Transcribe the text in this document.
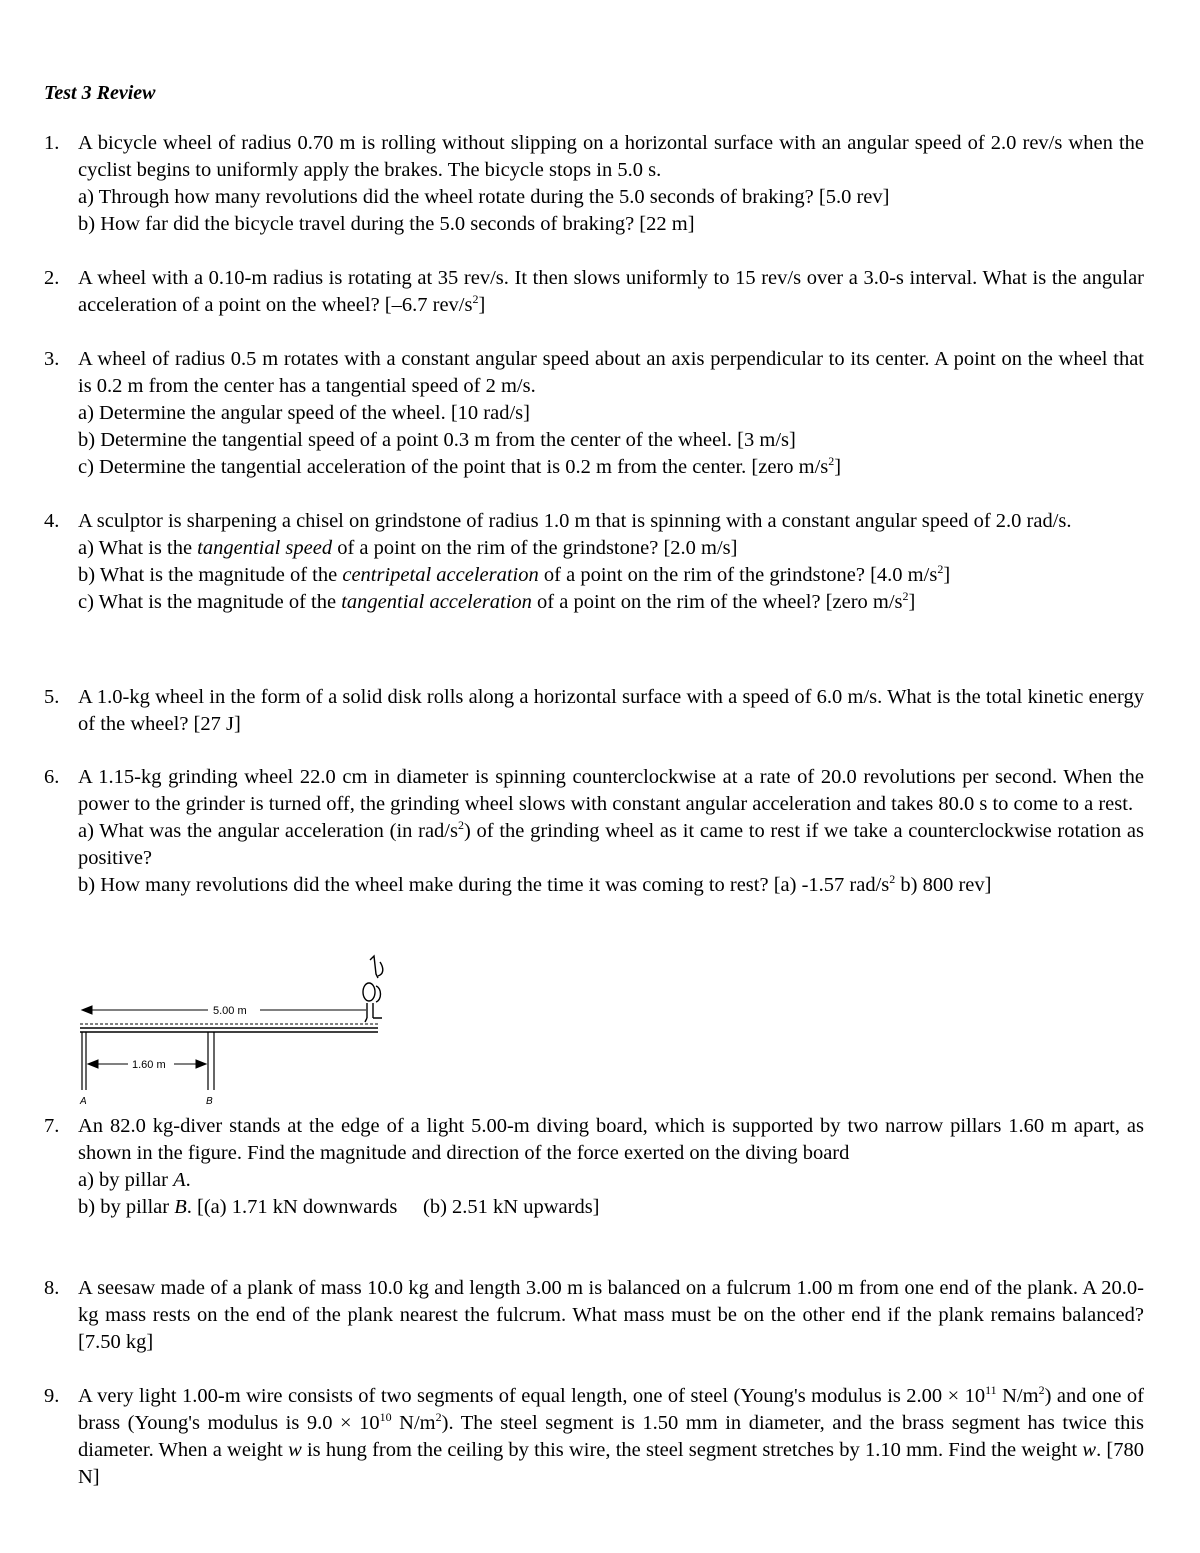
Test 3 Review
1. A bicycle wheel of radius 0.70 m is rolling without slipping on a horizontal surface with an angular speed of 2.0 rev/s when the cyclist begins to uniformly apply the brakes. The bicycle stops in 5.0 s.
a) Through how many revolutions did the wheel rotate during the 5.0 seconds of braking? [5.0 rev]
b) How far did the bicycle travel during the 5.0 seconds of braking? [22 m]
2. A wheel with a 0.10-m radius is rotating at 35 rev/s. It then slows uniformly to 15 rev/s over a 3.0-s interval. What is the angular acceleration of a point on the wheel? [–6.7 rev/$s^2$]
3. A wheel of radius 0.5 m rotates with a constant angular speed about an axis perpendicular to its center. A point on the wheel that is 0.2 m from the center has a tangential speed of 2 m/s.
a) Determine the angular speed of the wheel. [10 rad/s]
b) Determine the tangential speed of a point 0.3 m from the center of the wheel. [3 m/s]
c) Determine the tangential acceleration of the point that is 0.2 m from the center. [zero $m/s^2$]
4. A sculptor is sharpening a chisel on grindstone of radius 1.0 m that is spinning with a constant angular speed of 2.0 rad/s.
a) What is the tangential speed of a point on the rim of the grindstone? [2.0 m/s]
b) What is the magnitude of the centripetal acceleration of a point on the rim of the grindstone? [4.0 $m/s^2$]
c) What is the magnitude of the tangential acceleration of a point on the rim of the wheel? [zero $m/s^2$]
5. A 1.0-kg wheel in the form of a solid disk rolls along a horizontal surface with a speed of 6.0 m/s. What is the total kinetic energy of the wheel? [27 J]
6. A 1.15-kg grinding wheel 22.0 cm in diameter is spinning counterclockwise at a rate of 20.0 revolutions per second. When the power to the grinder is turned off, the grinding wheel slows with constant angular acceleration and takes 80.0 s to come to a rest.
a) What was the angular acceleration (in rad/$s^2$) of the grinding wheel as it came to rest if we take a counterclockwise rotation as positive?
b) How many revolutions did the wheel make during the time it was coming to rest? [a) -1.57 rad/$s^2$ b) 800 rev]
5.00 m
1.60 m
A	B
7. An 82.0 kg-diver stands at the edge of a light 5.00-m diving board, which is supported by two narrow pillars 1.60 m apart, as shown in the figure. Find the magnitude and direction of the force exerted on the diving board
a) by pillar A.
b) by pillar B. [(a) 1.71 kN downwards     (b) 2.51 kN upwards]
8. A seesaw made of a plank of mass 10.0 kg and length 3.00 m is balanced on a fulcrum 1.00 m from one end of the plank. A 20.0-kg mass rests on the end of the plank nearest the fulcrum. What mass must be on the other end if the plank remains balanced? [7.50 kg]
9. A very light 1.00-m wire consists of two segments of equal length, one of steel (Young's modulus is $2.00 \times 10^{11}$ $N/m^2$) and one of brass (Young's modulus is $9.0 \times 10^{10}$ $N/m^2$). The steel segment is 1.50 mm in diameter, and the brass segment has twice this diameter. When a weight w is hung from the ceiling by this wire, the steel segment stretches by 1.10 mm. Find the weight w. [780 N]
